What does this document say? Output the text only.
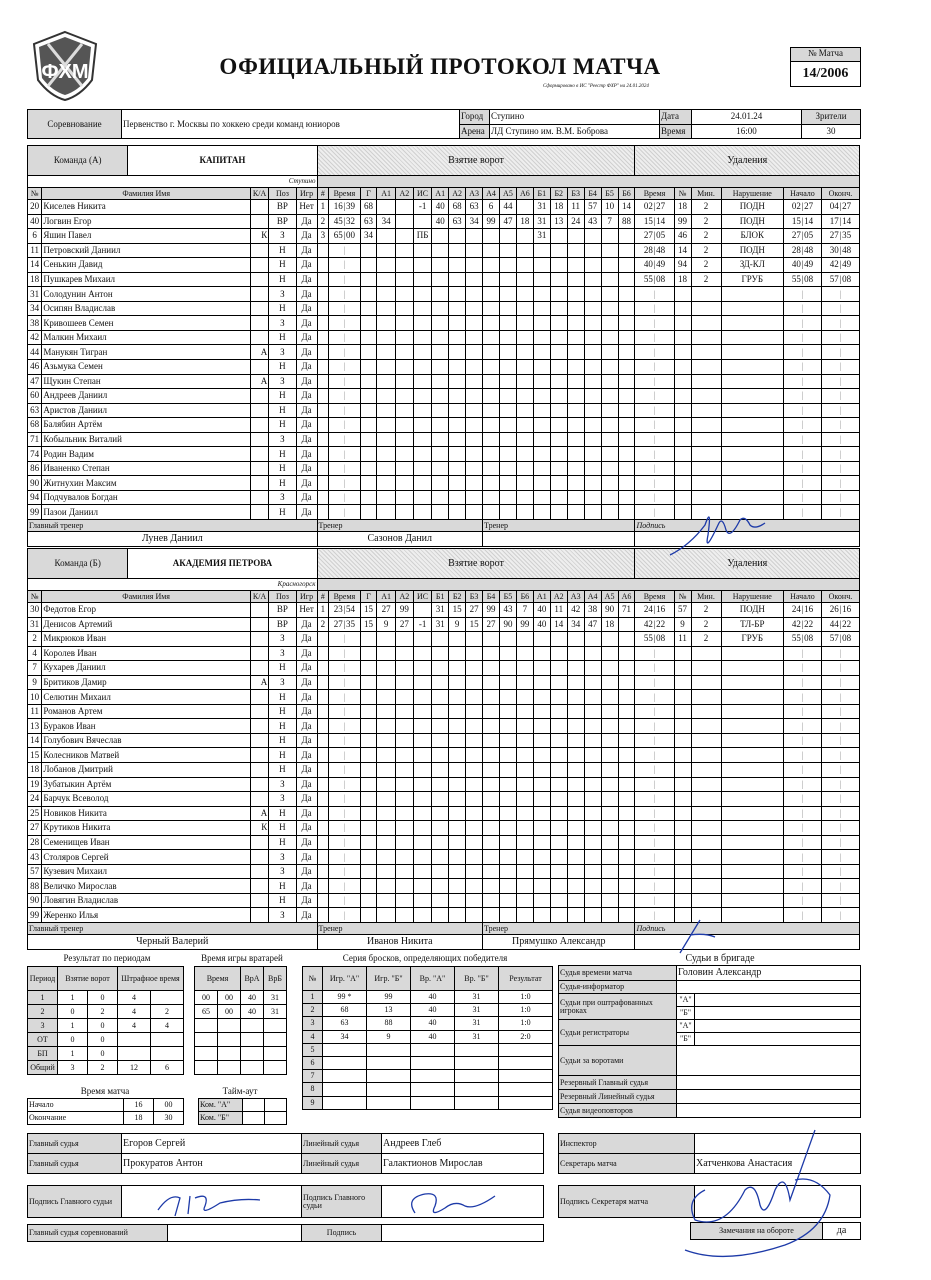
ФХМ	ОФИЦИАЛЬНЫЙ ПРОТОКОЛ МАТЧА
Сформировано в ИС "Реестр ФХР" на 24.01.2024
№ Матча
14/2006
Соревнование	Первенство г. Москвы по хоккею среди команд юниоров	Город	Ступино	Дата	24.01.24	Зрители
		Арена	ЛД Ступино им. В.М. Боброва	Время	16:00	30
Команда (А)		КАПИТАН				Взятие ворот																		Удаления					
Ступино																													
№	Фамилия Имя		К/А	Поз	Игр	#	Время	Г	А1	А2	ИС	А1	А2	А3	А4	А5	А6	Б1	Б2	Б3	Б4	Б5	Б6	Время	№	Мин.	Нарушение	Начало	Оконч.
20	Киселев Никита			ВР	Нет	1	16 | 39	68			-1	40	68	63	6	44		31	18	11	57	10	14	02 | 27	18	2	ПОДН	02 | 27	04 | 27
40	Логвин Егор			ВР	Да	2	45 | 32	63	34			40	63	34	99	47	18	31	13	24	43	7	88	15 | 14	99	2	ПОДН	15 | 14	17 | 14
6	Яшин Павел		К	З	Да	3	65 | 00	34			ПБ							31						27 | 05	46	2	БЛОК	27 | 05	27 | 35
11	Петровский Даниил			Н	Да		|																	28 | 48	14	2	ПОДН	28 | 48	30 | 48
14	Сенькин Давид			Н	Да		|																	40 | 49	94	2	ЗД-КЛ	40 | 49	42 | 49
18	Пушкарев Михаил			Н	Да		|																	55 | 08	18	2	ГРУБ	55 | 08	57 | 08
31	Солодунин Антон			З	Да		|																	|				|	|
34	Осипян Владислав			Н	Да		|																	|				|	|
38	Кривошеев Семен			З	Да		|																	|				|	|
42	Малкин Михаил			Н	Да		|																	|				|	|
44	Манукян Тигран		А	З	Да		|																	|				|	|
46	Азьмука Семен			Н	Да		|																	|				|	|
47	Щукин Степан		А	З	Да		|																	|				|	|
60	Андреев Даниил			Н	Да		|																	|				|	|
63	Аристов Даниил			Н	Да		|																	|				|	|
68	Балябин Артём			Н	Да		|																	|				|	|
71	Кобыльник Виталий			З	Да		|																	|				|	|
74	Родин Вадим			Н	Да		|																	|				|	|
86	Иваненко Степан			Н	Да		|																	|				|	|
90	Житнухин Максим			Н	Да		|																	|				|	|
94	Подчувалов Богдан			З	Да		|																	|				|	|
99	Пазои Даниил			Н	Да		|																	|				|	|
Главный тренер						Тренер									Тренер									Подпись					
Лунев Даниил						Сазонов Данил																							
Команда (Б)		АКАДЕМИЯ ПЕТРОВА				Взятие ворот																		Удаления					
Красногорск																													
№	Фамилия Имя		К/А	Поз	Игр	#	Время	Г	А1	А2	ИС	Б1	Б2	Б3	Б4	Б5	Б6	А1	А2	А3	А4	А5	А6	Время	№	Мин.	Нарушение	Начало	Оконч.
30	Федотов Егор			ВР	Нет	1	23 | 54	15	27	99		31	15	27	99	43	7	40	11	42	38	90	71	24 | 16	57	2	ПОДН	24 | 16	26 | 16
31	Денисов Артемий			ВР	Да	2	27 | 35	15	9	27	-1	31	9	15	27	90	99	40	14	34	47	18		42 | 22	9	2	ТЛ-БР	42 | 22	44 | 22
2	Микрюков Иван			З	Да		|																	55 | 08	11	2	ГРУБ	55 | 08	57 | 08
4	Королев Иван			З	Да		|																	|				|	|
7	Кухарев Даниил			Н	Да		|																	|				|	|
9	Бритиков Дамир		А	З	Да		|																	|				|	|
10	Селютин Михаил			Н	Да		|																	|				|	|
11	Романов Артем			Н	Да		|																	|				|	|
13	Бураков Иван			Н	Да		|																	|				|	|
14	Голубович Вячеслав			Н	Да		|																	|				|	|
15	Колесников Матвей			Н	Да		|																	|				|	|
18	Лобанов Дмитрий			Н	Да		|																	|				|	|
19	Зубатыкин Артём			З	Да		|																	|				|	|
24	Барчук Всеволод			З	Да		|																	|				|	|
25	Новиков Никита		А	Н	Да		|																	|				|	|
27	Крутиков Никита		К	Н	Да		|																	|				|	|
28	Семенищев Иван			Н	Да		|																	|				|	|
43	Столяров Сергей			З	Да		|																	|				|	|
57	Кузевич Михаил			З	Да		|																	|				|	|
88	Величко Мирослав			Н	Да		|																	|				|	|
90	Ловягин Владислав			Н	Да		|																	|				|	|
99	Жеренко Илья			З	Да		|																	|				|	|
Главный тренер						Тренер									Тренер									Подпись					
Черный Валерий						Иванов Никита									Прямушко Александр														
Результат по периодам
Период	Взятие ворот		Штрафное время	
1	1	0	4	
2	0	2	4	2
3	1	0	4	4
ОТ	0	0		
БП	1	0		
Общий	3	2	12	6
Время игры вратарей
Время		ВрА	ВрБ
00	00	40	31
65	00	40	31

Серия бросков, определяющих победителя
№	Игр. "А"	Игр. "Б"	Вр. "А"	Вр. "Б"	Результат
1	99 *	99	40	31	1:0
2	68	13	40	31	1:0
3	63	88	40	31	1:0
4	34	9	40	31	2:0
5					
6					
7					
8					
9					
Время матча
Начало	16	00
Окончание	18	30
Тайм-аут
Ком. "А"		
Ком. "Б"		
Судьи в бригаде
Судья времени матча	Головин Александр	
Судья-информатор		
Судьи при оштрафованных игроках	"А"	
	"Б"	
Судьи регистраторы	"А"	
	"Б"	
Судьи за воротами		
Резервный Главный судья		
Резервный Линейный судья		
Судья видеоповторов		
Главный судья	Егоров Сергей	Линейный судья	Андреев Глеб
Главный судья	Прокуратов Антон	Линейный судья	Галактионов Мирослав
Инспектор	
Секретарь матча	Хатченкова Анастасия
Подпись Главного судьи		Подпись Главного судьи		Подпись Секретаря матча	
Главный судья соревнований		Подпись		Замечания на обороте	да
